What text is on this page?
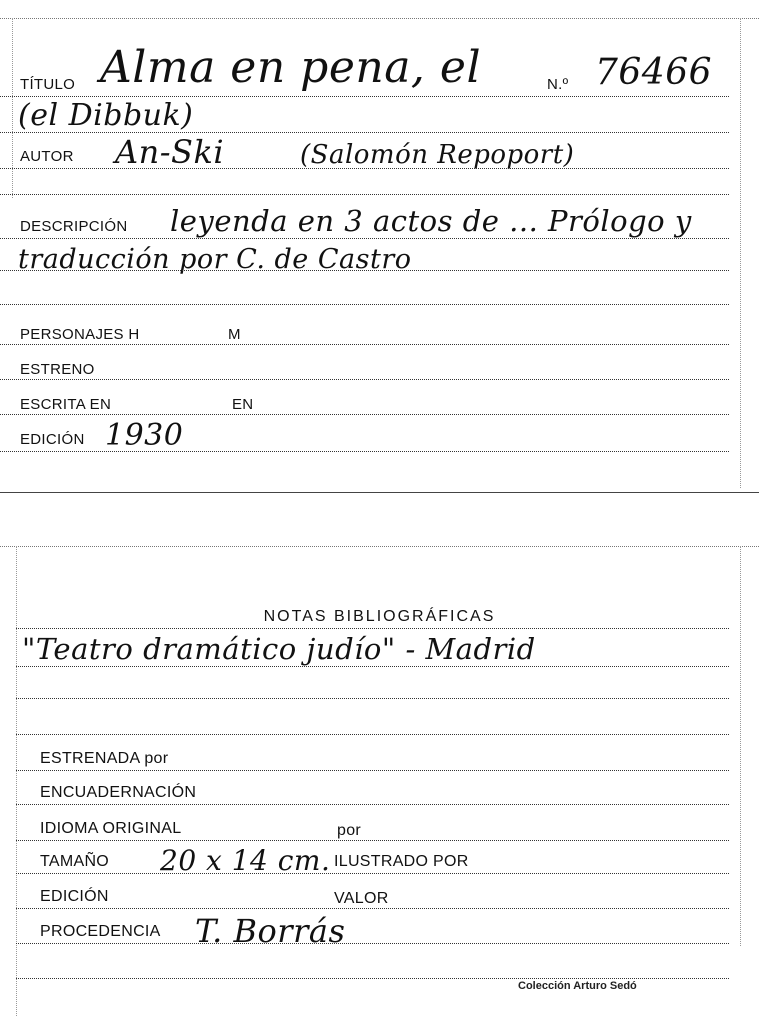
TÍTULO Alma en pena, el	N.º 76466
(el Dibbuk)
AUTOR An-Ski	(Salomón Repoport)
DESCRIPCIÓN leyenda en 3 actos de ... Prólogo y
traducción por C. de Castro
PERSONAJES H	M
ESTRENO
ESCRITA EN	EN
EDICIÓN 1930
NOTAS BIBLIOGRÁFICAS
"Teatro dramático judío" - Madrid
ESTRENADA por
ENCUADERNACIÓN
IDIOMA ORIGINAL	por
TAMAÑO 20 x 14 cm. ILUSTRADO POR
EDICIÓN	VALOR
PROCEDENCIA T. Borrás
Colección Arturo Sedó
